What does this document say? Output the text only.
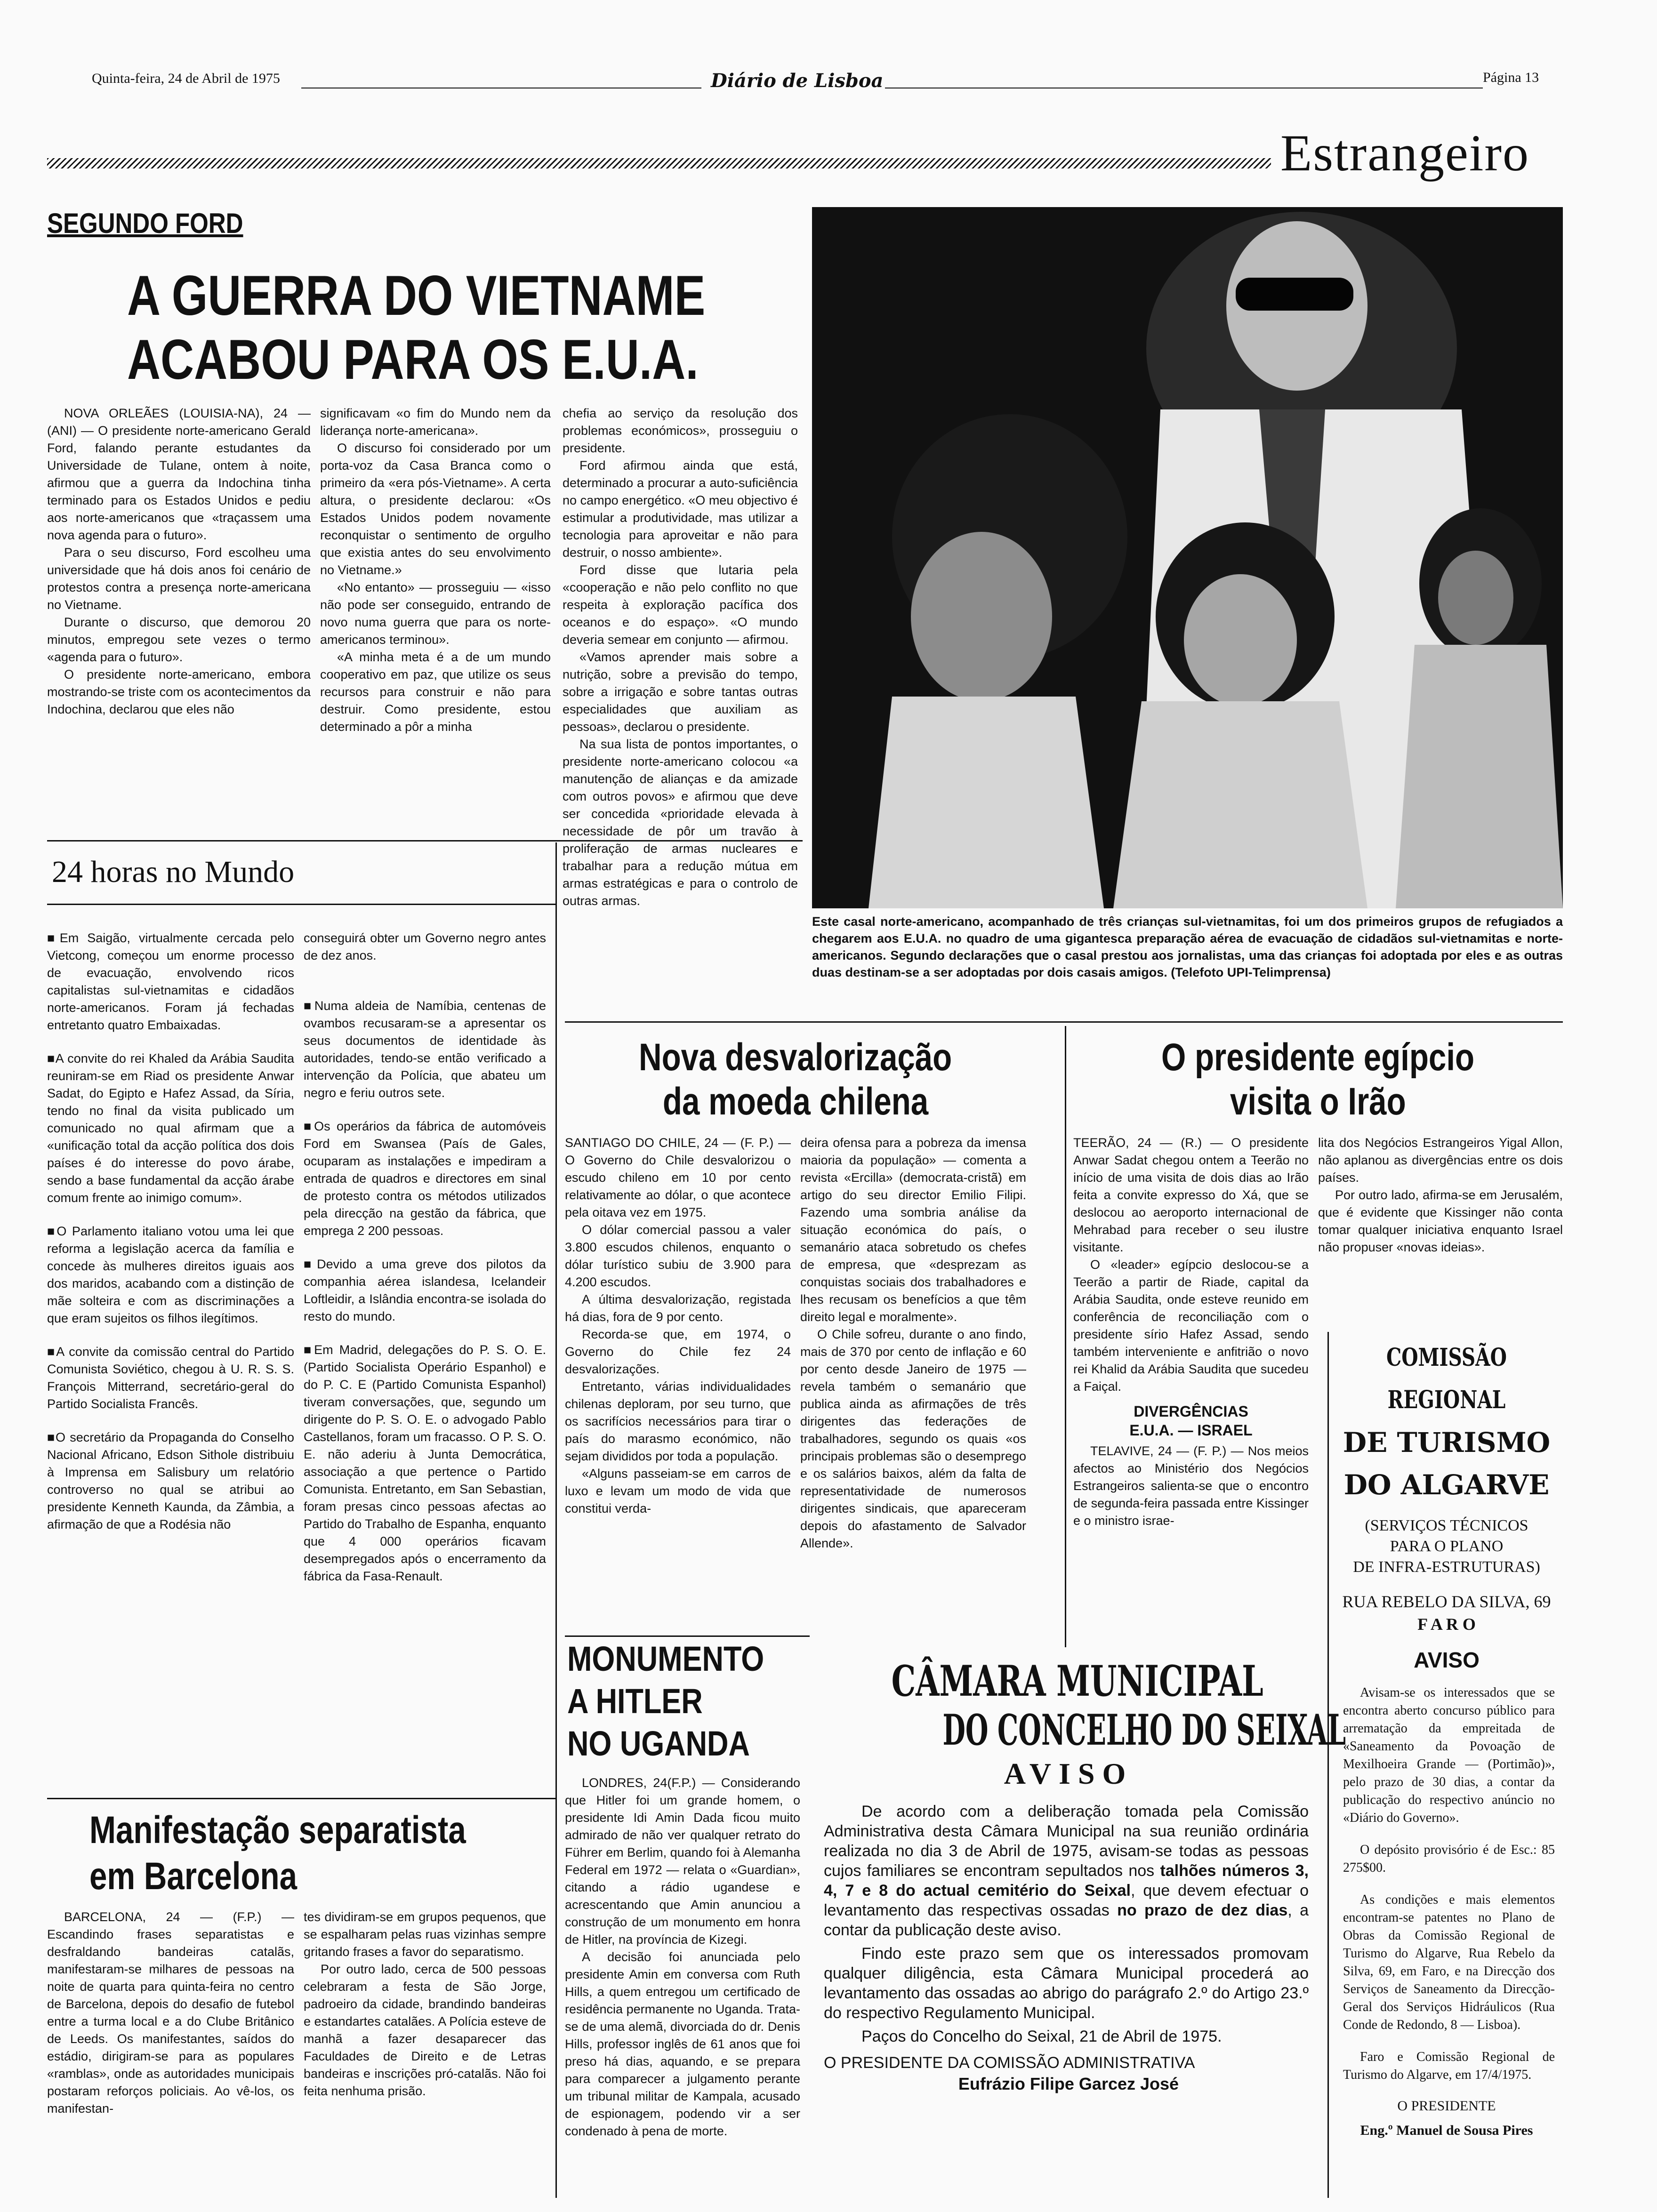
Quinta-feira, 24 de Abril de 1975	Diário de Lisboa	Página 13
Estrangeiro
SEGUNDO FORD
A GUERRA DO VIETNAME
ACABOU PARA OS E.U.A.

NOVA ORLEÃES (LOUISIA-NA), 24 — (ANI) — O presidente norte-americano Gerald Ford, falando perante estudantes da Universidade de Tulane, ontem à noite, afirmou que a guerra da Indochina tinha terminado para os Estados Unidos e pediu aos norte-americanos que «traçassem uma nova agenda para o futuro».

Para o seu discurso, Ford escolheu uma universidade que há dois anos foi cenário de protestos contra a presença norte-americana no Vietname.

Durante o discurso, que demorou 20 minutos, empregou sete vezes o termo «agenda para o futuro».

O presidente norte-americano, embora mostrando-se triste com os acontecimentos da Indochina, declarou que eles não

significavam «o fim do Mundo nem da liderança norte-americana».

O discurso foi considerado por um porta-voz da Casa Branca como o primeiro da «era pós-Vietname». A certa altura, o presidente declarou: «Os Estados Unidos podem novamente reconquistar o sentimento de orgulho que existia antes do seu envolvimento no Vietname.»

«No entanto» — prosseguiu — «isso não pode ser conseguido, entrando de novo numa guerra que para os norte-americanos terminou».

«A minha meta é a de um mundo cooperativo em paz, que utilize os seus recursos para construir e não para destruir. Como presidente, estou determinado a pôr a minha

chefia ao serviço da resolução dos problemas económicos», prosseguiu o presidente.

Ford afirmou ainda que está, determinado a procurar a auto-suficiência no campo energético. «O meu objectivo é estimular a produtividade, mas utilizar a tecnologia para aproveitar e não para destruir, o nosso ambiente».

Ford disse que lutaria pela «cooperação e não pelo conflito no que respeita à exploração pacífica dos oceanos e do espaço». «O mundo deveria semear em conjunto — afirmou.

«Vamos aprender mais sobre a nutrição, sobre a previsão do tempo, sobre a irrigação e sobre tantas outras especialidades que auxiliam as pessoas», declarou o presidente.

Na sua lista de pontos importantes, o presidente norte-americano colocou «a manutenção de alianças e da amizade com outros povos» e afirmou que deve ser concedida «prioridade elevada à necessidade de pôr um travão à proliferação de armas nucleares e trabalhar para a redução mútua em armas estratégicas e para o controlo de outras armas.

Este casal norte-americano, acompanhado de três crianças sul-vietnamitas, foi um dos primeiros grupos de refugiados a chegarem aos E.U.A. no quadro de uma gigantesca preparação aérea de evacuação de cidadãos sul-vietnamitas e norte-americanos. Segundo declarações que o casal prestou aos jornalistas, uma das crianças foi adoptada por eles e as outras duas destinam-se a ser adoptadas por dois casais amigos. (Telefoto UPI-Telimprensa)
24 horas no Mundo

■ Em Saigão, virtualmente cercada pelo Vietcong, começou um enorme processo de evacuação, envolvendo ricos capitalistas sul-vietnamitas e cidadãos norte-americanos. Foram já fechadas entretanto quatro Embaixadas.

■ A convite do rei Khaled da Arábia Saudita reuniram-se em Riad os presidente Anwar Sadat, do Egipto e Hafez Assad, da Síria, tendo no final da visita publicado um comunicado no qual afirmam que a «unificação total da acção política dos dois países é do interesse do povo árabe, sendo a base fundamental da acção árabe comum frente ao inimigo comum».

■ O Parlamento italiano votou uma lei que reforma a legislação acerca da família e concede às mulheres direitos iguais aos dos maridos, acabando com a distinção de mãe solteira e com as discriminações a que eram sujeitos os filhos ilegítimos.

■ A convite da comissão central do Partido Comunista Soviético, chegou à U. R. S. S. François Mitterrand, secretário-geral do Partido Socialista Francês.

■ O secretário da Propaganda do Conselho Nacional Africano, Edson Sithole distribuiu à Imprensa em Salisbury um relatório controverso no qual se atribui ao presidente Kenneth Kaunda, da Zâmbia, a afirmação de que a Rodésia não

conseguirá obter um Governo negro antes de dez anos.

■ Numa aldeia de Namíbia, centenas de ovambos recusaram-se a apresentar os seus documentos de identidade às autoridades, tendo-se então verificado a intervenção da Polícia, que abateu um negro e feriu outros sete.

■ Os operários da fábrica de automóveis Ford em Swansea (País de Gales, ocuparam as instalações e impediram a entrada de quadros e directores em sinal de protesto contra os métodos utilizados pela direcção na gestão da fábrica, que emprega 2 200 pessoas.

■ Devido a uma greve dos pilotos da companhia aérea islandesa, Icelandeir Loftleidir, a Islândia encontra-se isolada do resto do mundo.

■ Em Madrid, delegações do P. S. O. E. (Partido Socialista Operário Espanhol) e do P. C. E (Partido Comunista Espanhol) tiveram conversações, que, segundo um dirigente do P. S. O. E. o advogado Pablo Castellanos, foram um fracasso. O P. S. O. E. não aderiu à Junta Democrática, associação a que pertence o Partido Comunista. Entretanto, em San Sebastian, foram presas cinco pessoas afectas ao Partido do Trabalho de Espanha, enquanto que 4 000 operários ficavam desempregados após o encerramento da fábrica da Fasa-Renault.

Manifestação separatista
em Barcelona

BARCELONA, 24 — (F.P.) — Escandindo frases separatistas e desfraldando bandeiras catalãs, manifestaram-se milhares de pessoas na noite de quarta para quinta-feira no centro de Barcelona, depois do desafio de futebol entre a turma local e a do Clube Britânico de Leeds. Os manifestantes, saídos do estádio, dirigiram-se para as populares «ramblas», onde as autoridades municipais postaram reforços policiais. Ao vê-los, os manifestan-

tes dividiram-se em grupos pequenos, que se espalharam pelas ruas vizinhas sempre gritando frases a favor do separatismo.

Por outro lado, cerca de 500 pessoas celebraram a festa de São Jorge, padroeiro da cidade, brandindo bandeiras e estandartes catalães. A Polícia esteve de manhã a fazer desaparecer das Faculdades de Direito e de Letras bandeiras e inscrições pró-catalãs. Não foi feita nenhuma prisão.

Nova desvalorização
da moeda chilena

SANTIAGO DO CHILE, 24 — (F. P.) — O Governo do Chile desvalorizou o escudo chileno em 10 por cento relativamente ao dólar, o que acontece pela oitava vez em 1975.

O dólar comercial passou a valer 3.800 escudos chilenos, enquanto o dólar turístico subiu de 3.900 para 4.200 escudos.

A última desvalorização, registada há dias, fora de 9 por cento.

Recorda-se que, em 1974, o Governo do Chile fez 24 desvalorizações.

Entretanto, várias individualidades chilenas deploram, por seu turno, que os sacrifícios necessários para tirar o país do marasmo económico, não sejam divididos por toda a população.

«Alguns passeiam-se em carros de luxo e levam um modo de vida que constitui verda-

deira ofensa para a pobreza da imensa maioria da população» — comenta a revista «Ercilla» (democrata-cristã) em artigo do seu director Emilio Filipi. Fazendo uma sombria análise da situação económica do país, o semanário ataca sobretudo os chefes de empresa, que «desprezam as conquistas sociais dos trabalhadores e lhes recusam os benefícios a que têm direito legal e moralmente».

O Chile sofreu, durante o ano findo, mais de 370 por cento de inflação e 60 por cento desde Janeiro de 1975 — revela também o semanário que publica ainda as afirmações de três dirigentes das federações de trabalhadores, segundo os quais «os principais problemas são o desemprego e os salários baixos, além da falta de representatividade de numerosos dirigentes sindicais, que apareceram depois do afastamento de Salvador Allende».

MONUMENTO
A HITLER
NO UGANDA

LONDRES, 24(F.P.) — Considerando que Hitler foi um grande homem, o presidente Idi Amin Dada ficou muito admirado de não ver qualquer retrato do Führer em Berlim, quando foi à Alemanha Federal em 1972 — relata o «Guardian», citando a rádio ugandese e acrescentando que Amin anunciou a construção de um monumento em honra de Hitler, na província de Kizegi.

A decisão foi anunciada pelo presidente Amin em conversa com Ruth Hills, a quem entregou um certificado de residência permanente no Uganda. Trata-se de uma alemã, divorciada do dr. Denis Hills, professor inglês de 61 anos que foi preso há dias, aquando, e se prepara para comparecer a julgamento perante um tribunal militar de Kampala, acusado de espionagem, podendo vir a ser condenado à pena de morte.

O presidente egípcio
visita o Irão

TEERÃO, 24 — (R.) — O presidente Anwar Sadat chegou ontem a Teerão no início de uma visita de dois dias ao Irão feita a convite expresso do Xá, que se deslocou ao aeroporto internacional de Mehrabad para receber o seu ilustre visitante.

O «leader» egípcio deslocou-se a Teerão a partir de Riade, capital da Arábia Saudita, onde esteve reunido em conferência de reconciliação com o presidente sírio Hafez Assad, sendo também interveniente e anfitrião o novo rei Khalid da Arábia Saudita que sucedeu a Faiçal.

DIVERGÊNCIAS
E.U.A. — ISRAEL

TELAVIVE, 24 — (F. P.) — Nos meios afectos ao Ministério dos Negócios Estrangeiros salienta-se que o encontro de segunda-feira passada entre Kissinger e o ministro israe-

lita dos Negócios Estrangeiros Yigal Allon, não aplanou as divergências entre os dois países.

Por outro lado, afirma-se em Jerusalém, que é evidente que Kissinger não conta tomar qualquer iniciativa enquanto Israel não propuser «novas ideias».

COMISSÃO REGIONAL
DE TURISMO
DO ALGARVE
(SERVIÇOS TÉCNICOS
PARA O PLANO
DE INFRA-ESTRUTURAS)
RUA REBELO DA SILVA, 69
F A R O
AVISO

Avisam-se os interessados que se encontra aberto concurso público para arrematação da empreitada de «Saneamento da Povoação de Mexilhoeira Grande — (Portimão)», pelo prazo de 30 dias, a contar da publicação do respectivo anúncio no «Diário do Governo».

O depósito provisório é de Esc.: 85 275$00.

As condições e mais elementos encontram-se patentes no Plano de Obras da Comissão Regional de Turismo do Algarve, Rua Rebelo da Silva, 69, em Faro, e na Direcção dos Serviços de Saneamento da Direcção-Geral dos Serviços Hidráulicos (Rua Conde de Redondo, 8 — Lisboa).

Faro e Comissão Regional de Turismo do Algarve, em 17/4/1975.

O PRESIDENTE
Eng.º Manuel de Sousa Pires
CÂMARA MUNICIPAL
DO CONCELHO DO SEIXAL
AVISO

De acordo com a deliberação tomada pela Comissão Administrativa desta Câmara Municipal na sua reunião ordinária realizada no dia 3 de Abril de 1975, avisam-se todas as pessoas cujos familiares se encontram sepultados nos talhões números 3, 4, 7 e 8 do actual cemitério do Seixal, que devem efectuar o levantamento das respectivas ossadas no prazo de dez dias, a contar da publicação deste aviso.

Findo este prazo sem que os interessados promovam qualquer diligência, esta Câmara Municipal procederá ao levantamento das ossadas ao abrigo do parágrafo 2.º do Artigo 23.º do respectivo Regulamento Municipal.

Paços do Concelho do Seixal, 21 de Abril de 1975.

O PRESIDENTE DA COMISSÃO ADMINISTRATIVA
Eufrázio Filipe Garcez José
